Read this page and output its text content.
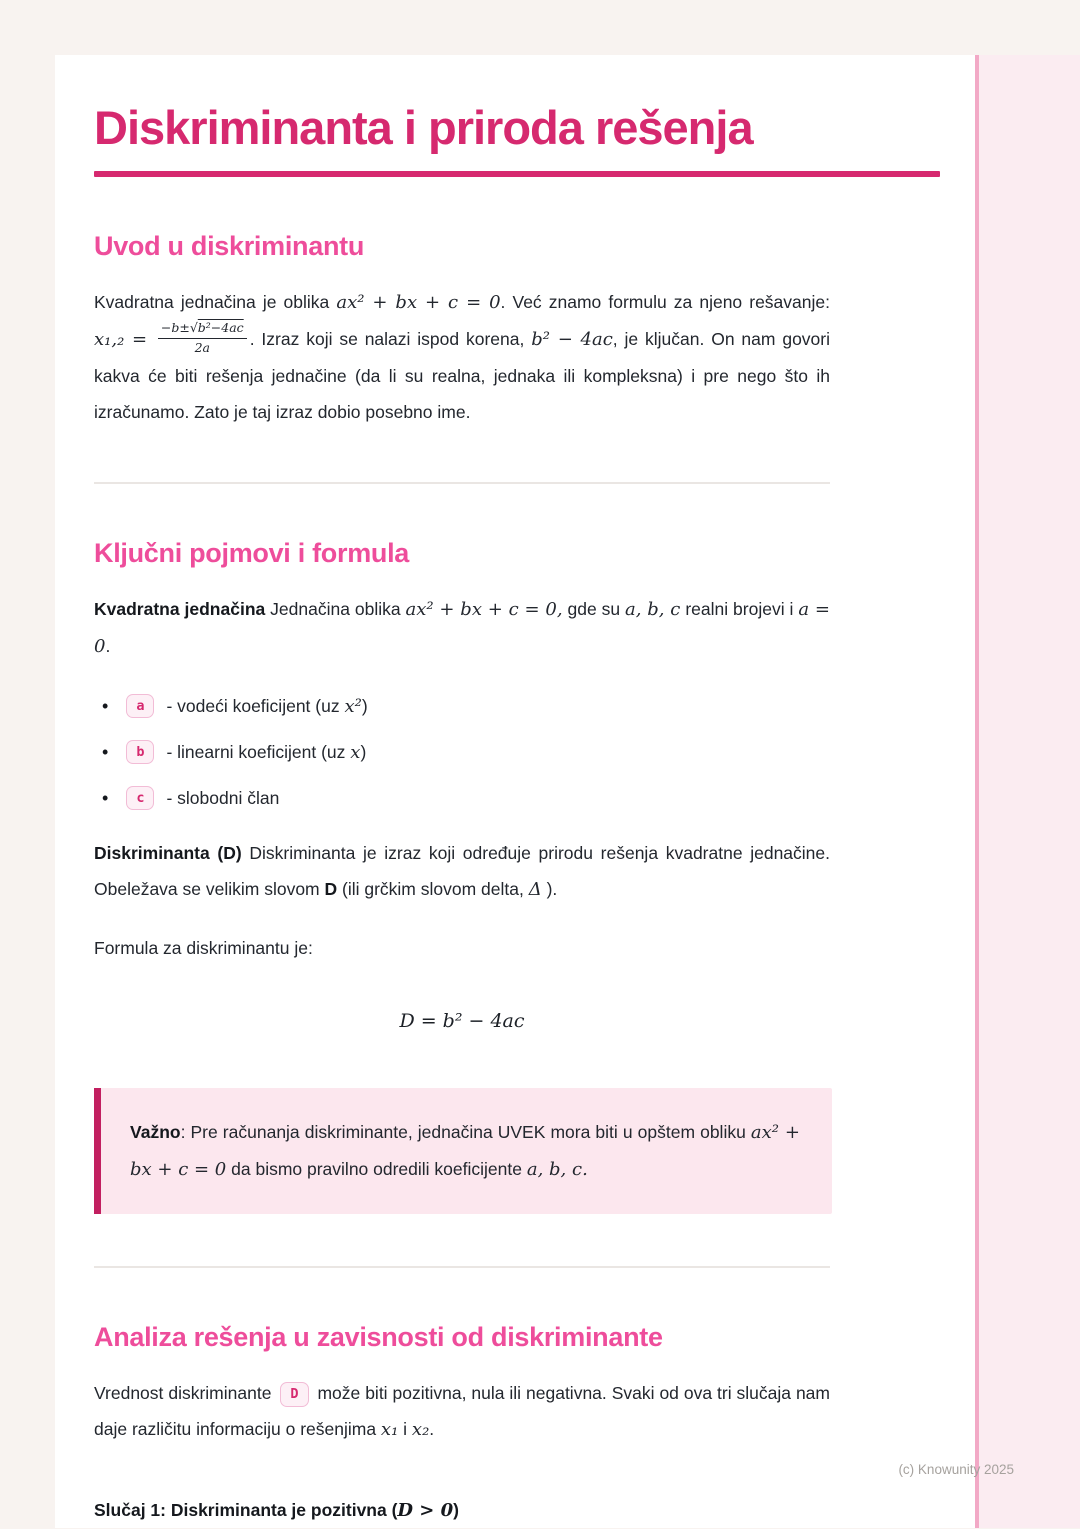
Diskriminanta i priroda rešenja
Uvod u diskriminantu

Kvadratna jednačina je oblika ax² + bx + c = 0. Već znamo formulu za njeno rešavanje: $x_1,_2 = \frac{\text{−b±√b²−4ac}}{2a}$ . Izraz koji se nalazi ispod korena, b² − 4ac, je ključan. On nam govori kakva će biti rešenja jednačine (da li su realna, jednaka ili kompleksna) i pre nego što ih izračunamo. Zato je taj izraz dobio posebno ime.

Ključni pojmovi i formula

Kvadratna jednačina Jednačina oblika ax² + bx + c = 0, gde su a, b, c realni brojevi i a = 0.

• a	- vodeći koeficijent (uz x²)
• b	- linearni koeficijent (uz x)
• c	- slobodni član

Diskriminanta (D) Diskriminanta je izraz koji određuje prirodu rešenja kvadratne jednačine. Obeležava se velikim slovom D (ili grčkim slovom delta, Δ ).

Formula za diskriminantu je:

D = b² − 4ac

Važno: Pre računanja diskriminante, jednačina UVEK mora biti u opštem obliku ax² + bx + c = 0 da bismo pravilno odredili koeficijente a, b, c.

Analiza rešenja u zavisnosti od diskriminante

Vrednost diskriminante D može biti pozitivna, nula ili negativna. Svaki od ova tri slučaja nam daje različitu informaciju o rešenjima x₁ i x₂.

Slučaj 1: Diskriminanta je pozitivna (D > 0)

(c) Knowunity 2025
